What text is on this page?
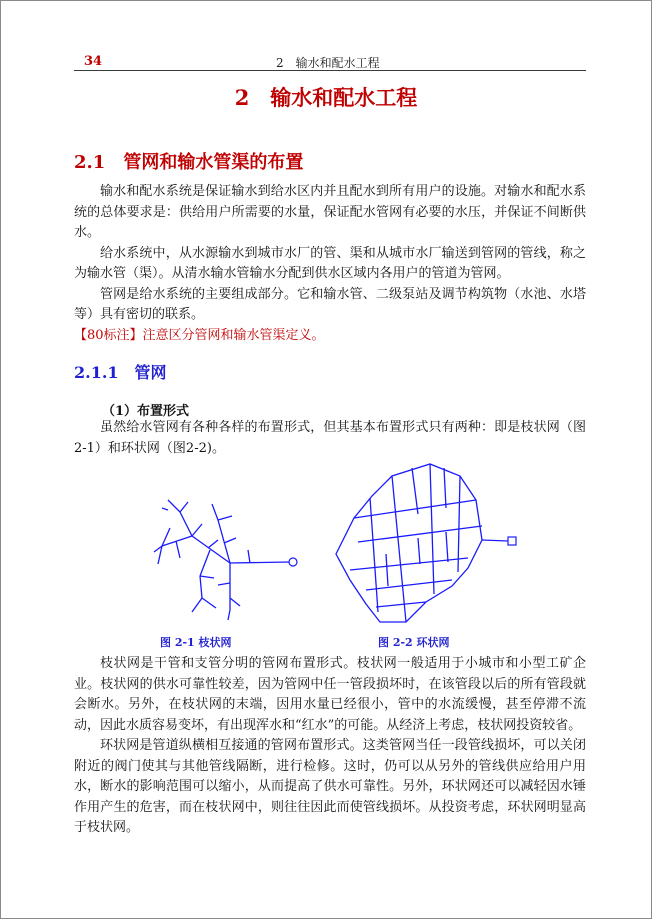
34	2　输水和配水工程
2　输水和配水工程
2.1　管网和输水管渠的布置

输水和配水系统是保证输水到给水区内并且配水到所有用户的设施。对输水和配水系统的总体要求是：供给用户所需要的水量，保证配水管网有必要的水压，并保证不间断供水。

给水系统中，从水源输水到城市水厂的管、渠和从城市水厂输送到管网的管线，称之为输水管（渠）。从清水输水管输水分配到供水区域内各用户的管道为管网。

管网是给水系统的主要组成部分。它和输水管、二级泵站及调节构筑物（水池、水塔等）具有密切的联系。

【80标注】注意区分管网和输水管渠定义。
2.1.1　管网
（1）布置形式

虽然给水管网有各种各样的布置形式，但其基本布置形式只有两种：即是枝状网（图2-1）和环状网（图2-2)。

图 2-1 枝状网	图 2-2 环状网

枝状网是干管和支管分明的管网布置形式。枝状网一般适用于小城市和小型工矿企业。枝状网的供水可靠性较差，因为管网中任一管段损坏时，在该管段以后的所有管段就会断水。另外，在枝状网的末端，因用水量已经很小，管中的水流缓慢，甚至停滞不流动，因此水质容易变坏，有出现浑水和“红水”的可能。从经济上考虑，枝状网投资较省。

环状网是管道纵横相互接通的管网布置形式。这类管网当任一段管线损坏，可以关闭附近的阀门使其与其他管线隔断，进行检修。这时，仍可以从另外的管线供应给用户用水，断水的影响范围可以缩小，从而提高了供水可靠性。另外，环状网还可以减轻因水锤作用产生的危害，而在枝状网中，则往往因此而使管线损坏。从投资考虑，环状网明显高于枝状网。
